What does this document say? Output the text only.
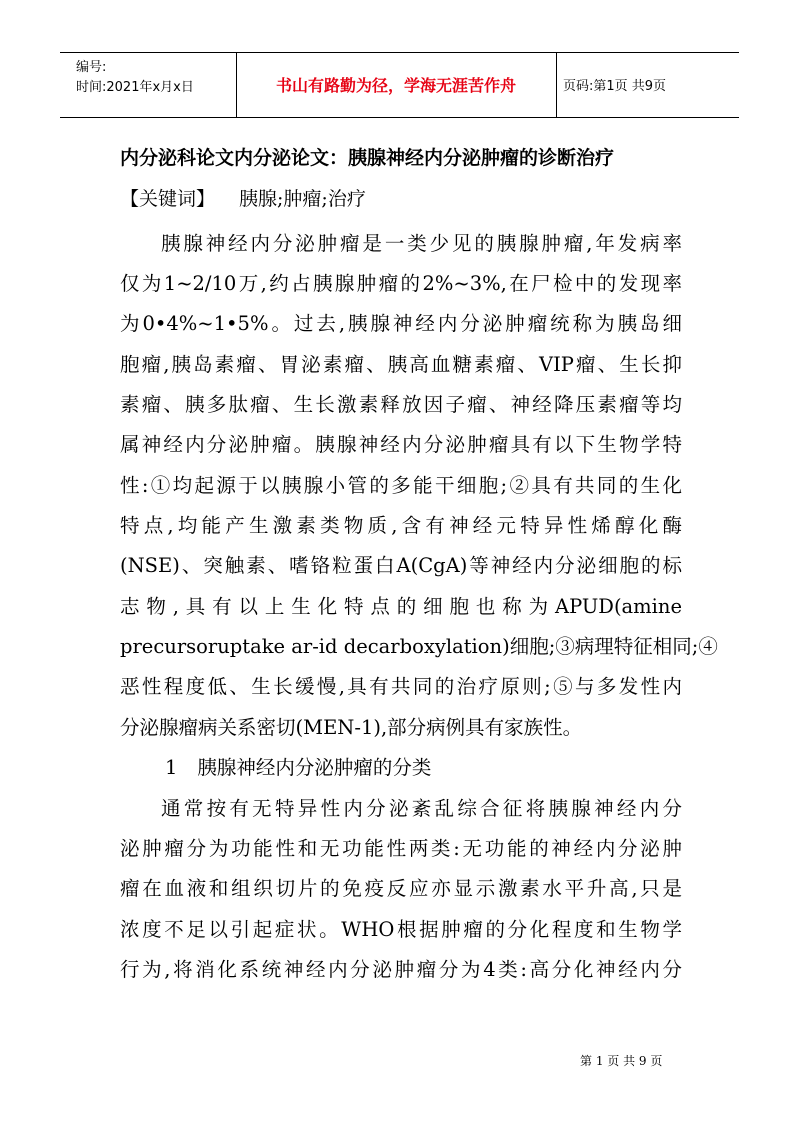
编号:
时间:2021年x月x日	书山有路勤为径，学海无涯苦作舟	页码:第1页 共9页
内分泌科论文内分泌论文：胰腺神经内分泌肿瘤的诊断治疗
【关键词】 胰腺;肿瘤;治疗
胰腺神经内分泌肿瘤是一类少见的胰腺肿瘤,年发病率
仅为1~2/10万,约占胰腺肿瘤的2%~3%,在尸检中的发现率
为0•4%~1•5%。过去,胰腺神经内分泌肿瘤统称为胰岛细
胞瘤,胰岛素瘤、胃泌素瘤、胰高血糖素瘤、VIP瘤、生长抑
素瘤、胰多肽瘤、生长激素释放因子瘤、神经降压素瘤等均
属神经内分泌肿瘤。胰腺神经内分泌肿瘤具有以下生物学特
性:①均起源于以胰腺小管的多能干细胞;②具有共同的生化
特点,均能产生激素类物质,含有神经元特异性烯醇化酶
(NSE)、突触素、嗜铬粒蛋白A(CgA)等神经内分泌细胞的标
志物,具有以上生化特点的细胞也称为APUD(amine
precursoruptake ar-id decarboxylation)细胞;③病理特征相同;④
恶性程度低、生长缓慢,具有共同的治疗原则;⑤与多发性内
分泌腺瘤病关系密切(MEN-1),部分病例具有家族性。
1 胰腺神经内分泌肿瘤的分类
通常按有无特异性内分泌紊乱综合征将胰腺神经内分
泌肿瘤分为功能性和无功能性两类:无功能的神经内分泌肿
瘤在血液和组织切片的免疫反应亦显示激素水平升高,只是
浓度不足以引起症状。WHO根据肿瘤的分化程度和生物学
行为,将消化系统神经内分泌肿瘤分为4类:高分化神经内分
第 1 页 共 9 页
